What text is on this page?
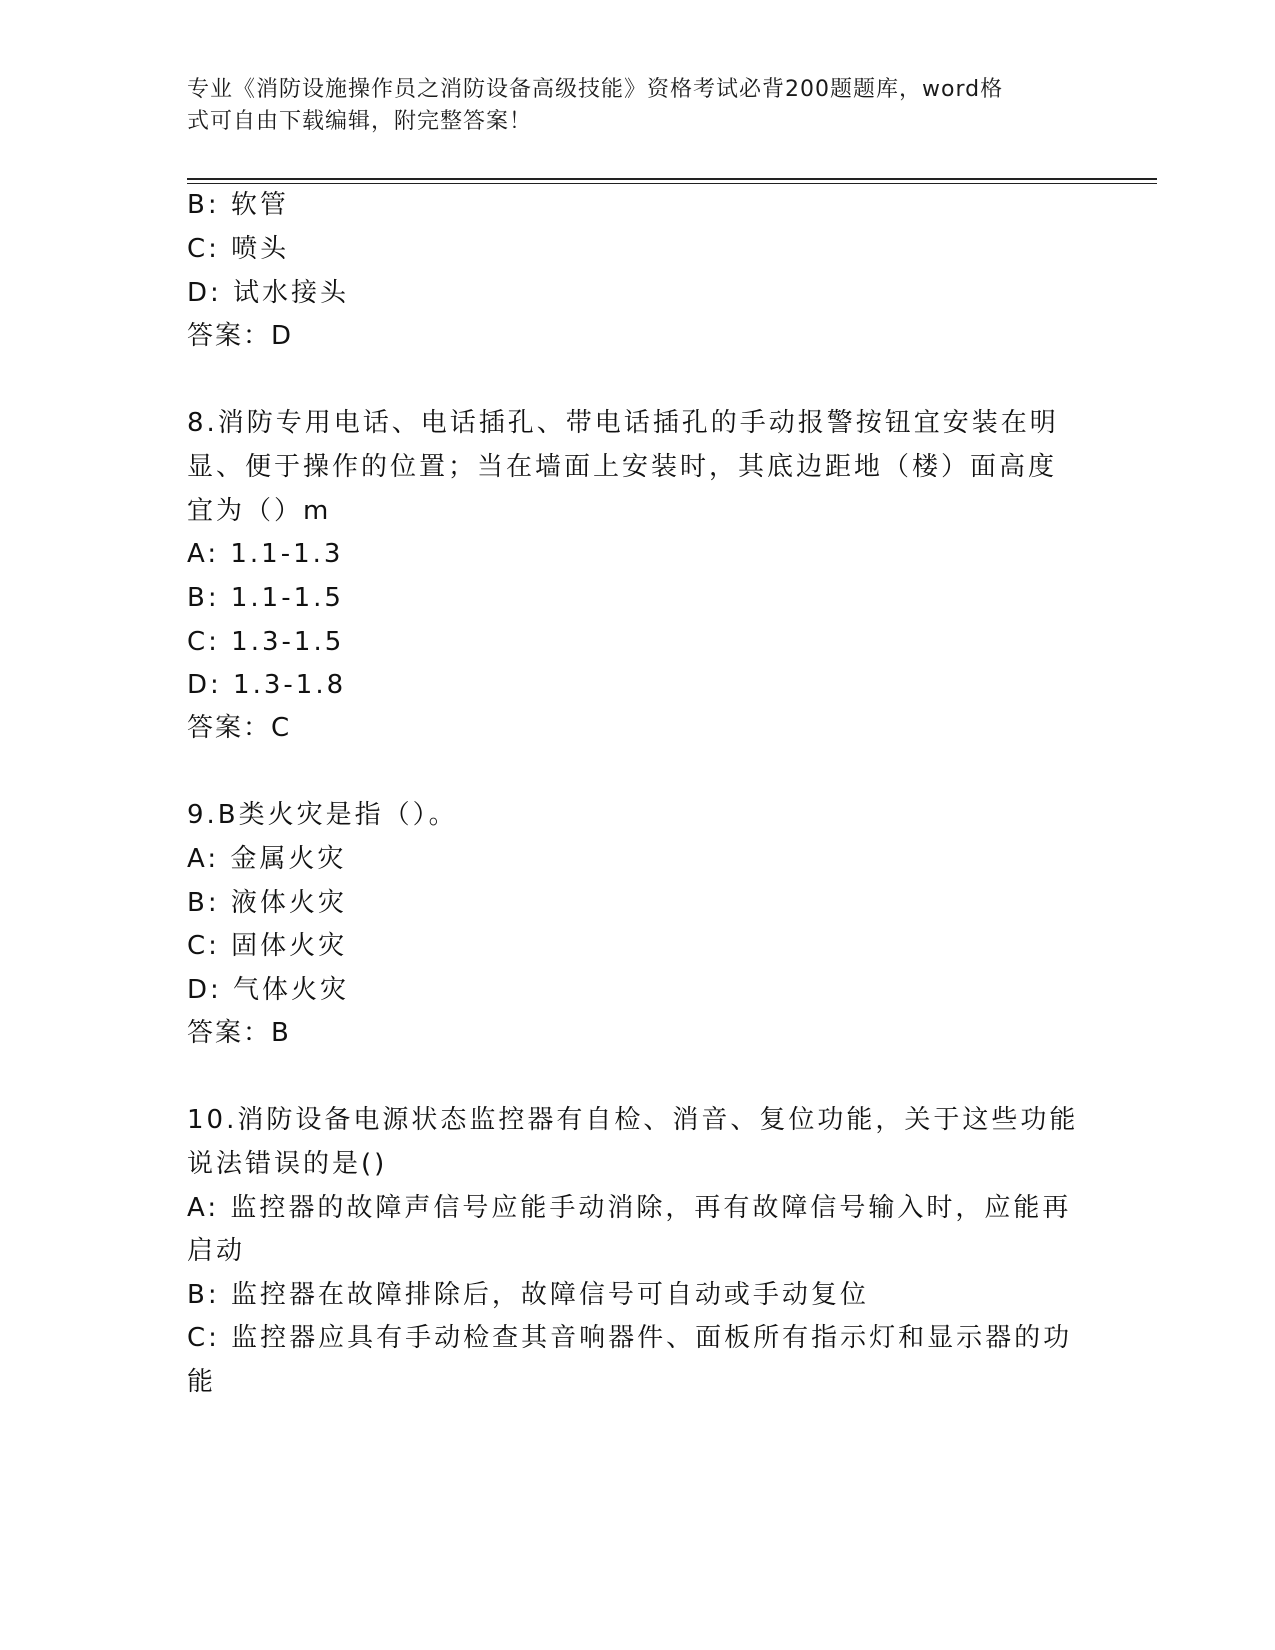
专业《消防设施操作员之消防设备高级技能》资格考试必背200题题库，word格
式可自由下载编辑，附完整答案！
B: 软管
C: 喷头
D: 试水接头
答案：D
8.消防专用电话、电话插孔、带电话插孔的手动报警按钮宜安装在明
显、便于操作的位置；当在墙面上安装时，其底边距地（楼）面高度
宜为（）m
A: 1.1-1.3
B: 1.1-1.5
C: 1.3-1.5
D: 1.3-1.8
答案：C
9.B类火灾是指（）。
A: 金属火灾
B: 液体火灾
C: 固体火灾
D: 气体火灾
答案：B
10.消防设备电源状态监控器有自检、消音、复位功能，关于这些功能
说法错误的是()
A: 监控器的故障声信号应能手动消除，再有故障信号输入时，应能再
启动
B: 监控器在故障排除后，故障信号可自动或手动复位
C: 监控器应具有手动检查其音响器件、面板所有指示灯和显示器的功
能
